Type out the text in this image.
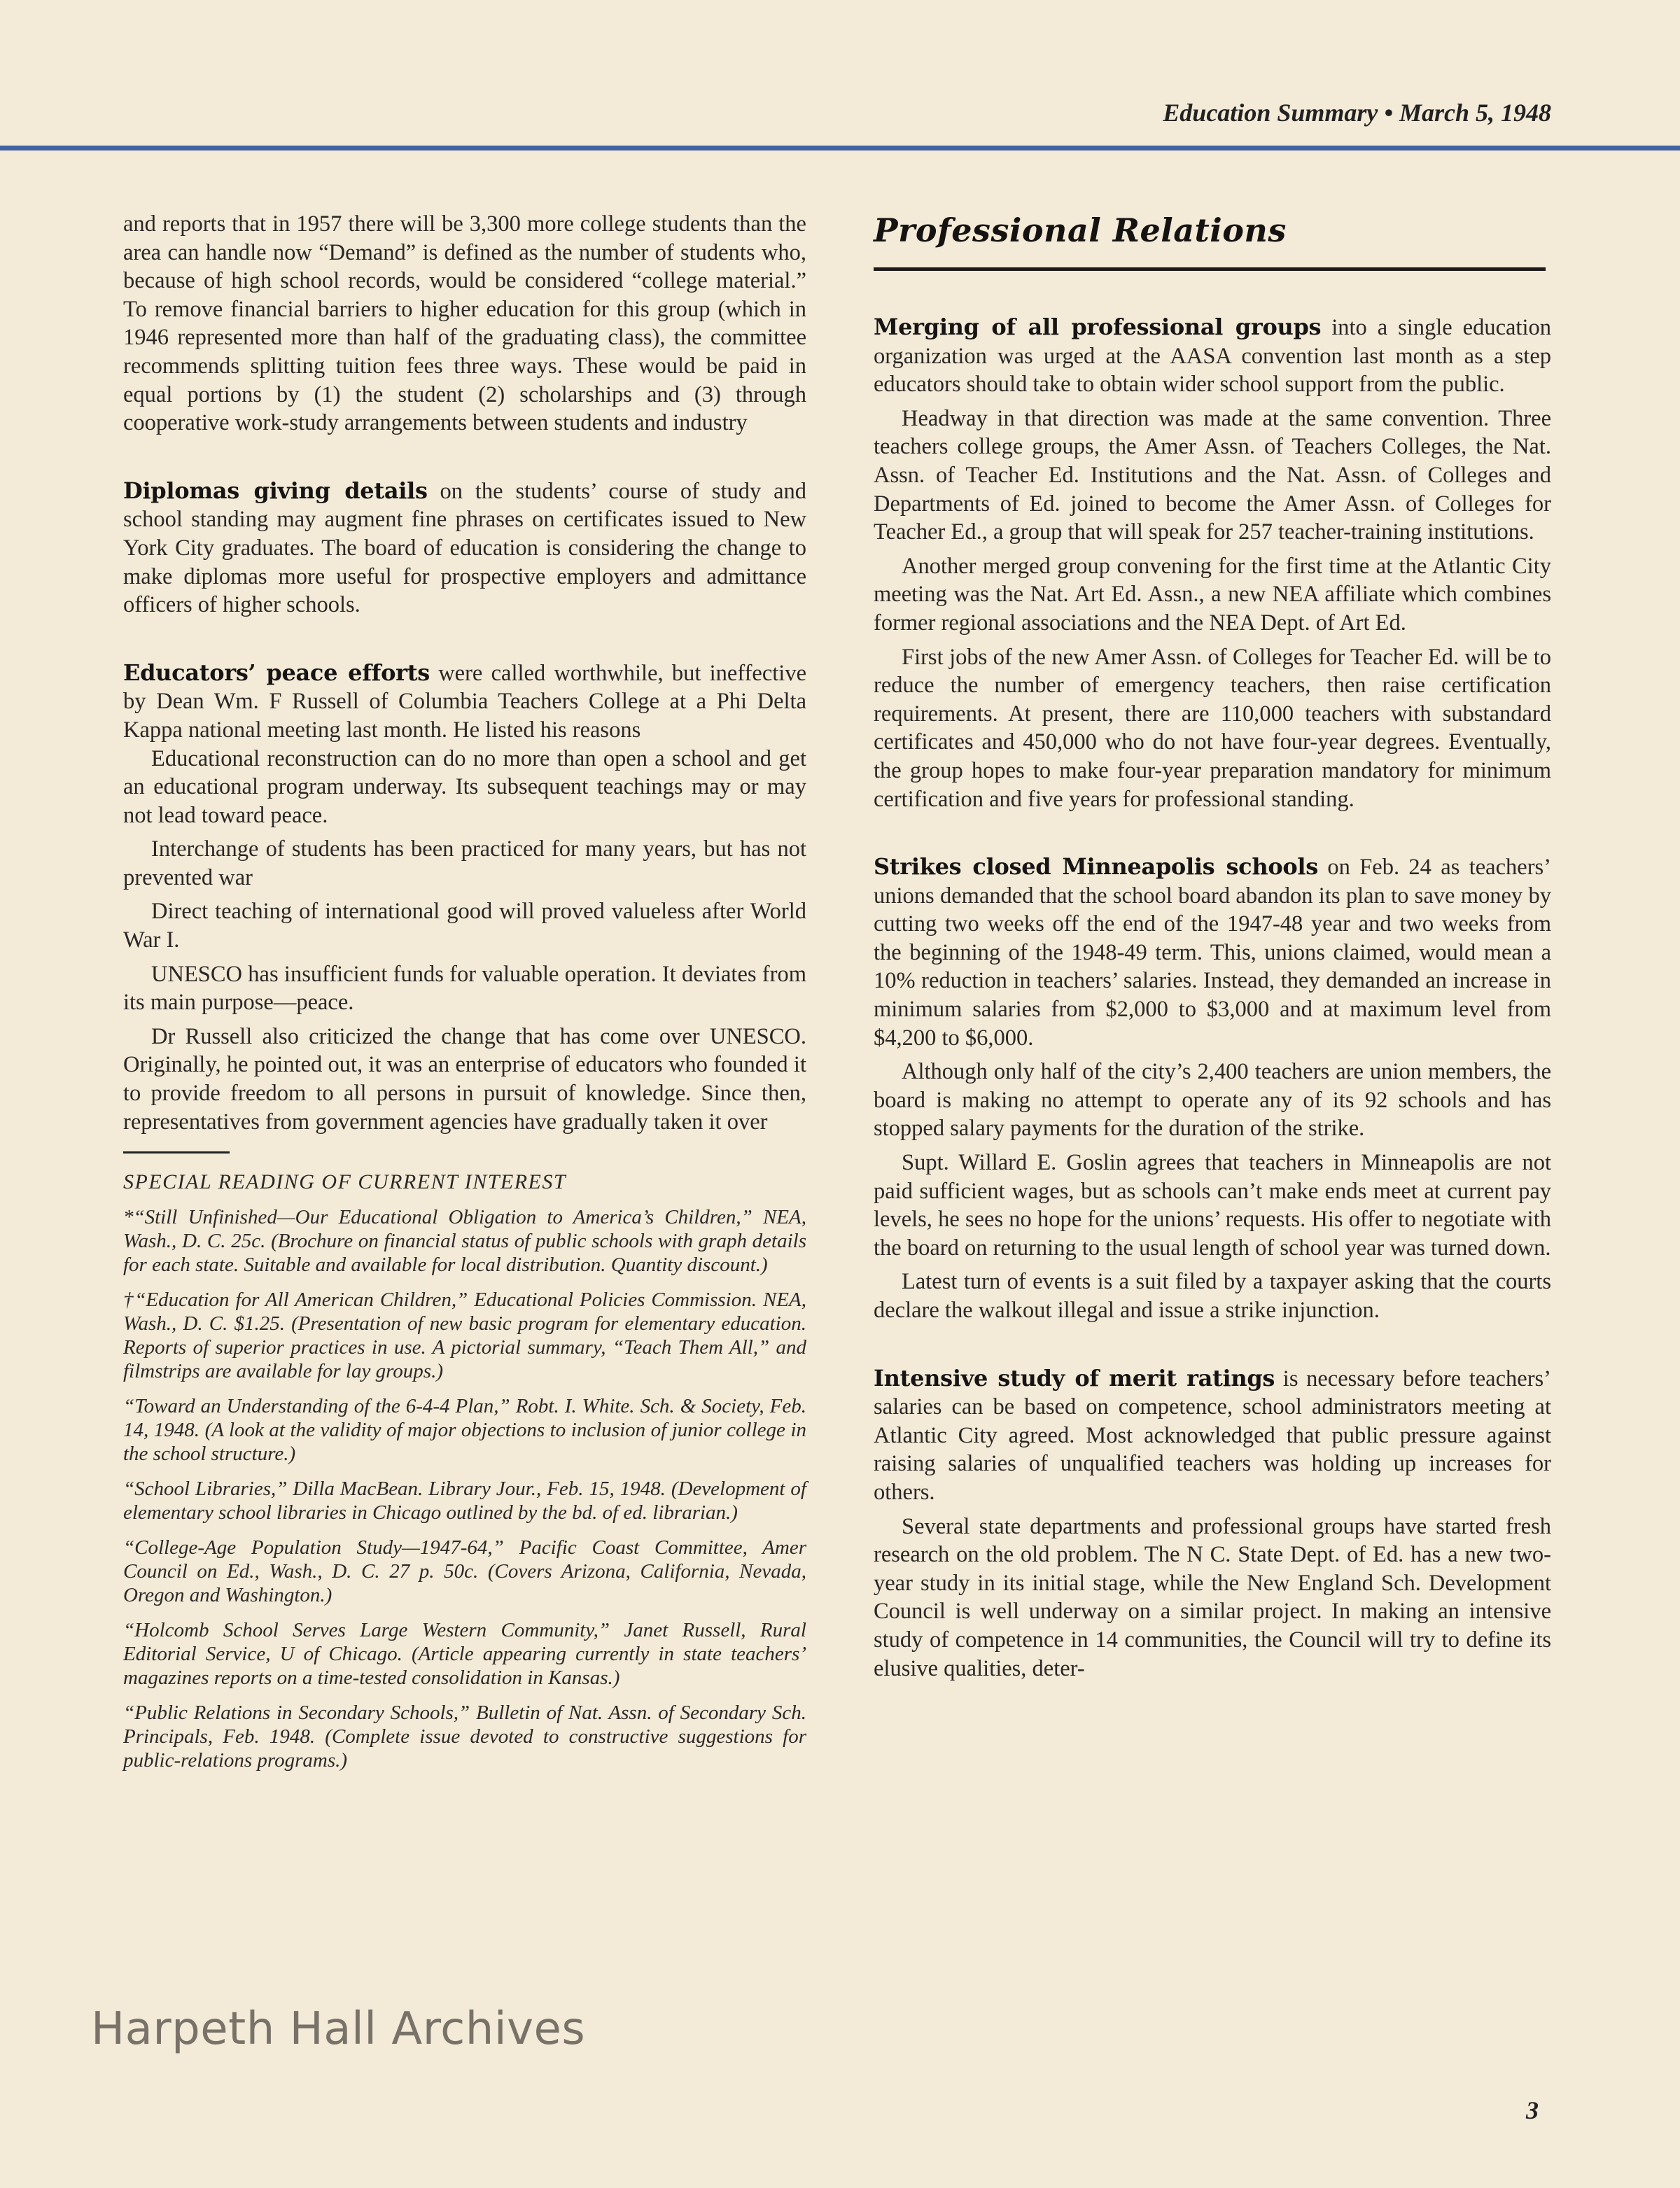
Education Summary • March 5, 1948

and reports that in 1957 there will be 3,300 more college students than the area can handle now “Demand” is defined as the number of students who, because of high school records, would be considered “college material.” To remove financial barriers to higher education for this group (which in 1946 represented more than half of the graduating class), the committee recommends splitting tuition fees three ways. These would be paid in equal portions by (1) the student (2) scholarships and (3) through cooperative work-study arrangements between students and industry

Diplomas giving details on the students’ course of study and school standing may augment fine phrases on certificates issued to New York City graduates. The board of education is considering the change to make diplomas more useful for prospective employers and admittance officers of higher schools.

Educators’ peace efforts were called worthwhile, but ineffective by Dean Wm. F Russell of Columbia Teachers College at a Phi Delta Kappa national meeting last month. He listed his reasons

Educational reconstruction can do no more than open a school and get an educational program underway. Its subsequent teachings may or may not lead toward peace.

Interchange of students has been practiced for many years, but has not prevented war

Direct teaching of international good will proved valueless after World War I.

UNESCO has insufficient funds for valuable operation. It deviates from its main purpose—peace.

Dr Russell also criticized the change that has come over UNESCO. Originally, he pointed out, it was an enterprise of educators who founded it to provide freedom to all persons in pursuit of knowledge. Since then, representatives from government agencies have gradually taken it over

SPECIAL READING OF CURRENT INTEREST
*“Still Unfinished—Our Educational Obligation to America’s Children,” NEA, Wash., D. C. 25c. (Brochure on financial status of public schools with graph details for each state. Suitable and available for local distribution. Quantity discount.)
†“Education for All American Children,” Educational Policies Commission. NEA, Wash., D. C. $1.25. (Presentation of new basic program for elementary education. Reports of superior practices in use. A pictorial summary, “Teach Them All,” and filmstrips are available for lay groups.)
“Toward an Understanding of the 6-4-4 Plan,” Robt. I. White. Sch. & Society, Feb. 14, 1948. (A look at the validity of major objections to inclusion of junior college in the school structure.)
“School Libraries,” Dilla MacBean. Library Jour., Feb. 15, 1948. (Development of elementary school libraries in Chicago outlined by the bd. of ed. librarian.)
“College-Age Population Study—1947-64,” Pacific Coast Committee, Amer Council on Ed., Wash., D. C. 27 p. 50c. (Covers Arizona, California, Nevada, Oregon and Washington.)
“Holcomb School Serves Large Western Community,” Janet Russell, Rural Editorial Service, U of Chicago. (Article appearing currently in state teachers’ magazines reports on a time-tested consolidation in Kansas.)
“Public Relations in Secondary Schools,” Bulletin of Nat. Assn. of Secondary Sch. Principals, Feb. 1948. (Complete issue devoted to constructive suggestions for public-relations programs.)
Professional Relations

Merging of all professional groups into a single education organization was urged at the AASA convention last month as a step educators should take to obtain wider school support from the public.

Headway in that direction was made at the same convention. Three teachers college groups, the Amer Assn. of Teachers Colleges, the Nat. Assn. of Teacher Ed. Institutions and the Nat. Assn. of Colleges and Departments of Ed. joined to become the Amer Assn. of Colleges for Teacher Ed., a group that will speak for 257 teacher-training institutions.

Another merged group convening for the first time at the Atlantic City meeting was the Nat. Art Ed. Assn., a new NEA affiliate which combines former regional associations and the NEA Dept. of Art Ed.

First jobs of the new Amer Assn. of Colleges for Teacher Ed. will be to reduce the number of emergency teachers, then raise certification requirements. At present, there are 110,000 teachers with substandard certificates and 450,000 who do not have four-year degrees. Eventually, the group hopes to make four-year preparation mandatory for minimum certification and five years for professional standing.

Strikes closed Minneapolis schools on Feb. 24 as teachers’ unions demanded that the school board abandon its plan to save money by cutting two weeks off the end of the 1947-48 year and two weeks from the beginning of the 1948-49 term. This, unions claimed, would mean a 10% reduction in teachers’ salaries. Instead, they demanded an increase in minimum salaries from $2,000 to $3,000 and at maximum level from $4,200 to $6,000.

Although only half of the city’s 2,400 teachers are union members, the board is making no attempt to operate any of its 92 schools and has stopped salary payments for the duration of the strike.

Supt. Willard E. Goslin agrees that teachers in Minneapolis are not paid sufficient wages, but as schools can’t make ends meet at current pay levels, he sees no hope for the unions’ requests. His offer to negotiate with the board on returning to the usual length of school year was turned down.

Latest turn of events is a suit filed by a taxpayer asking that the courts declare the walkout illegal and issue a strike injunction.

Intensive study of merit ratings is necessary before teachers’ salaries can be based on competence, school administrators meeting at Atlantic City agreed. Most acknowledged that public pressure against raising salaries of unqualified teachers was holding up increases for others.

Several state departments and professional groups have started fresh research on the old problem. The N C. State Dept. of Ed. has a new two-year study in its initial stage, while the New England Sch. Development Council is well underway on a similar project. In making an intensive study of competence in 14 communities, the Council will try to define its elusive qualities, deter-

Harpeth Hall Archives
3
